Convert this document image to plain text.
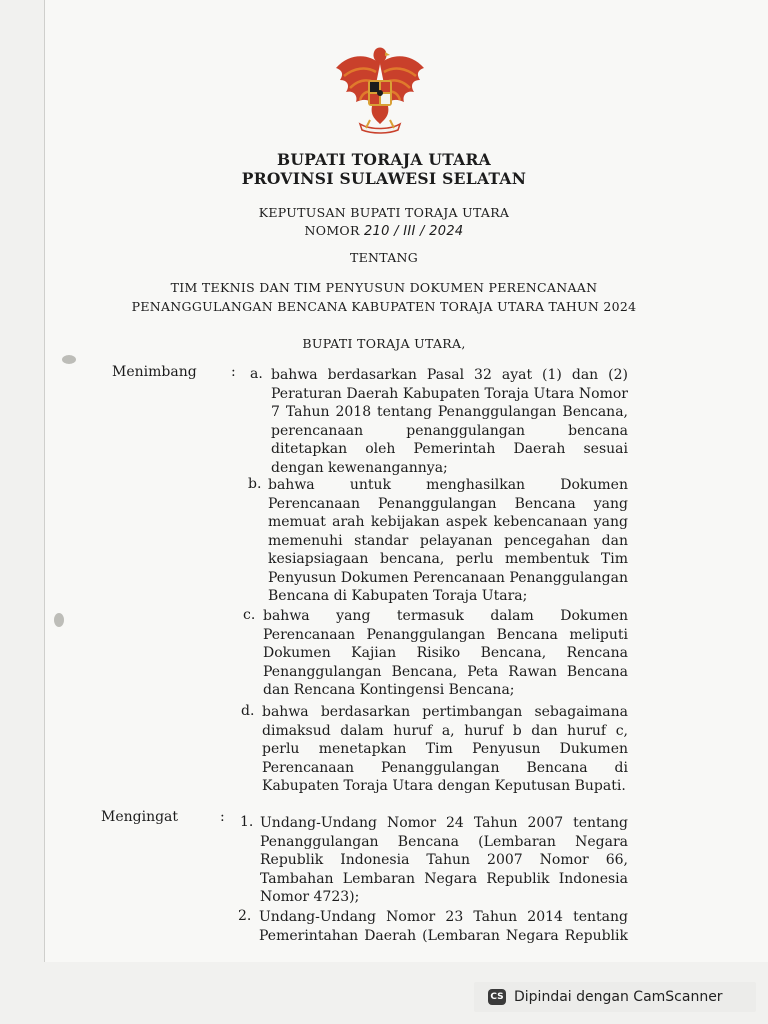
BUPATI TORAJA UTARA
PROVINSI SULAWESI SELATAN
KEPUTUSAN BUPATI TORAJA UTARA
NOMOR 210 / III / 2024
TENTANG
TIM TEKNIS DAN TIM PENYUSUN DOKUMEN PERENCANAAN
PENANGGULANGAN BENCANA KABUPATEN TORAJA UTARA TAHUN 2024
BUPATI TORAJA UTARA,
Menimbang : a. bahwa berdasarkan Pasal 32 ayat (1) dan (2) Peraturan Daerah Kabupaten Toraja Utara Nomor 7 Tahun 2018 tentang Penanggulangan Bencana, perencanaan penanggulangan bencana ditetapkan oleh Pemerintah Daerah sesuai dengan kewenangannya;
b. bahwa untuk menghasilkan Dokumen Perencanaan Penanggulangan Bencana yang memuat arah kebijakan aspek kebencanaan yang memenuhi standar pelayanan pencegahan dan kesiapsiagaan bencana, perlu membentuk Tim Penyusun Dokumen Perencanaan Penanggulangan Bencana di Kabupaten Toraja Utara;
c. bahwa yang termasuk dalam Dokumen Perencanaan Penanggulangan Bencana meliputi Dokumen Kajian Risiko Bencana, Rencana Penanggulangan Bencana, Peta Rawan Bencana dan Rencana Kontingensi Bencana;
d. bahwa berdasarkan pertimbangan sebagaimana dimaksud dalam huruf a, huruf b dan huruf c, perlu menetapkan Tim Penyusun Dukumen Perencanaan Penanggulangan Bencana di Kabupaten Toraja Utara dengan Keputusan Bupati.
Mengingat	: 1. Undang-Undang Nomor 24 Tahun 2007 tentang Penanggulangan Bencana (Lembaran Negara Republik Indonesia Tahun 2007 Nomor 66, Tambahan Lembaran Negara Republik Indonesia Nomor 4723);
2. Undang-Undang Nomor 23 Tahun 2014 tentang Pemerintahan Daerah (Lembaran Negara Republik
CS Dipindai dengan CamScanner
